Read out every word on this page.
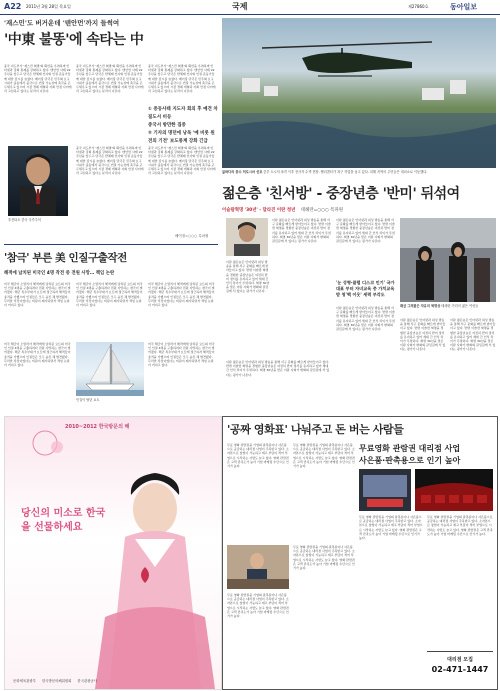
A22 2011년 3월 28일 목요일	국제	제27860호	동아일보
'재스민'도 버거운데 '텐안먼'까지 들썩여
'中東 불똥'에 속타는 中
중국 지도부가 '재스민 혁명'의 확산을 우려하며 인터넷과 집회 통제를 강화하고 있다. 톈안먼 사태 22주년을 앞두고 당국은 반체제 인사와 인권 운동가들에 대한 감시를 늘렸다. 베이징 당국은 민주화 요구 시위가 중동에서 중국으로 번질 가능성에 촉각을 곤두세우고 있으며 시장 경제 개혁과 사회 안정 사이에서 고심하고 있다는 분석이 나온다.
중국 지도부가 '재스민 혁명'의 확산을 우려하며 인터넷과 집회 통제를 강화하고 있다. 톈안먼 사태 22주년을 앞두고 당국은 반체제 인사와 인권 운동가들에 대한 감시를 늘렸다. 베이징 당국은 민주화 요구 시위가 중동에서 중국으로 번질 가능성에 촉각을 곤두세우고 있으며 시장 경제 개혁과 사회 안정 사이에서 고심하고 있다는 분석이 나온다.
중국 지도부가 '재스민 혁명'의 확산을 우려하며 인터넷과 집회 통제를 강화하고 있다. 톈안먼 사태 22주년을 앞두고 당국은 반체제 인사와 인권 운동가들에 대한 감시를 늘렸다. 베이징 당국은 민주화 요구 시위가 중동에서 중국으로 번질 가능성에 촉각을 곤두세우고 있으며 시장 경제 개혁과 사회 안정 사이에서 고심하고 있다는 분석이 나온다.
① 중동사태 지도자 회의 후 예견 차질도서 비등
중국서 방만한 집중
② 기자의 명던에 낭독 '예 비롯 원전의 기전' 보도통계 강화 긴급
후진타오 중국 국가주석
중국 지도부가 '재스민 혁명'의 확산을 우려하며 인터넷과 집회 통제를 강화하고 있다. 톈안먼 사태 22주년을 앞두고 당국은 반체제 인사와 인권 운동가들에 대한 감시를 늘렸다. 베이징 당국은 민주화 요구 시위가 중동에서 중국으로 번질 가능성에 촉각을 곤두세우고 있으며 시장 경제 개혁과 사회 안정 사이에서 고심하고 있다는 분석이 나온다.
중국 지도부가 '재스민 혁명'의 확산을 우려하며 인터넷과 집회 통제를 강화하고 있다. 톈안먼 사태 22주년을 앞두고 당국은 반체제 인사와 인권 운동가들에 대한 감시를 늘렸다. 베이징 당국은 민주화 요구 시위가 중동에서 중국으로 번질 가능성에 촉각을 곤두세우고 있으며 시장 경제 개혁과 사회 안정 사이에서 고심하고 있다는 분석이 나온다.
베이징=○○○ 특파원
'참극' 부른 美 인질구출작전
해적에 납치된 미국인 4명 작전 중 전원 사망… 책임 논란
미국 해군이 소말리아 해적에게 납치된 요트의 미국인 인질 4명을 구출하려다 전원 사망하는 참극이 벌어졌다. 해군 특수부대가 요트에 접근하자 해적들이 총격을 가했으며 인질들은 모두 숨진 채 발견됐다. 무리한 작전이었다는 비판이 제기되면서 책임 논란이 커지고 있다.
미국 해군이 소말리아 해적에게 납치된 요트의 미국인 인질 4명을 구출하려다 전원 사망하는 참극이 벌어졌다. 해군 특수부대가 요트에 접근하자 해적들이 총격을 가했으며 인질들은 모두 숨진 채 발견됐다. 무리한 작전이었다는 비판이 제기되면서 책임 논란이 커지고 있다.
미국 해군이 소말리아 해적에게 납치된 요트의 미국인 인질 4명을 구출하려다 전원 사망하는 참극이 벌어졌다. 해군 특수부대가 요트에 접근하자 해적들이 총격을 가했으며 인질들은 모두 숨진 채 발견됐다. 무리한 작전이었다는 비판이 제기되면서 책임 논란이 커지고 있다.
미국 해군이 소말리아 해적에게 납치된 요트의 미국인 인질 4명을 구출하려다 전원 사망하는 참극이 벌어졌다. 해군 특수부대가 요트에 접근하자 해적들이 총격을 가했으며 인질들은 모두 숨진 채 발견됐다. 무리한 작전이었다는 비판이 제기되면서 책임 논란이 커지고 있다.
인질이 탔던 요트
미국 해군이 소말리아 해적에게 납치된 요트의 미국인 인질 4명을 구출하려다 전원 사망하는 참극이 벌어졌다. 해군 특수부대가 요트에 접근하자 해적들이 총격을 가했으며 인질들은 모두 숨진 채 발견됐다. 무리한 작전이었다는 비판이 제기되면서 책임 논란이 커지고 있다.
불바다의 총수 히로시마 선포 중부 도시의 폭격 이후 전사자 수색 현장. 헬리콥터가 복구 작업을 돕고 있다. 피해 지역의 주민들은 대피소로 이동했다.
젊은층 '친서방' - 중장년층 '반미' 뒤섞여
이슬람혁명 '30년' - 달라진 이란 청년 테헤란=○○○ 특파원
이란 젊은층은 인터넷과 위성 방송을 통해 서구 문화를 빠르게 받아들이고 있다. 반면 이슬람 혁명을 경험한 중장년층은 여전히 반미 정서를 유지하고 있어 세대 간 인식 차이가 뚜렷하다. 혁명 30년을 맞은 이란 사회가 변화의 갈림길에 서 있다는 평가가 나온다.
이란 젊은층은 인터넷과 위성 방송을 통해 서구 문화를 빠르게 받아들이고 있다. 반면 이슬람 혁명을 경험한 중장년층은 여전히 반미 정서를 유지하고 있어 세대 간 인식 차이가 뚜렷하다. 혁명 30년을 맞은 이란 사회가 변화의 갈림길에 서 있다는 평가가 나온다.
이란 젊은층은 인터넷과 위성 방송을 통해 서구 문화를 빠르게 받아들이고 있다. 반면 이슬람 혁명을 경험한 중장년층은 여전히 반미 정서를 유지하고 있어 세대 간 인식 차이가 뚜렷하다. 혁명 30년을 맞은 이란 사회가 변화의 갈림길에 서 있다는 평가가 나온다.
'눈 성형·클럽 디스코 인기' 국가대표 부터 자녀교육 중 가치교육받 청'핵 이웃' 세력 부각도
이란 젊은층은 인터넷과 위성 방송을 통해 서구 문화를 빠르게 받아들이고 있다. 반면 이슬람 혁명을 경험한 중장년층은 여전히 반미 정서를 유지하고 있어 세대 간 인식 차이가 뚜렷하다. 혁명 30년을 맞은 이란 사회가 변화의 갈림길에 서 있다는 평가가 나온다.
패굴 그려봤은 자유의 혁명상 테헤란 거리의 젊은 여성들
이란 젊은층은 인터넷과 위성 방송을 통해 서구 문화를 빠르게 받아들이고 있다. 반면 이슬람 혁명을 경험한 중장년층은 여전히 반미 정서를 유지하고 있어 세대 간 인식 차이가 뚜렷하다. 혁명 30년을 맞은 이란 사회가 변화의 갈림길에 서 있다는 평가가 나온다.
이란 젊은층은 인터넷과 위성 방송을 통해 서구 문화를 빠르게 받아들이고 있다. 반면 이슬람 혁명을 경험한 중장년층은 여전히 반미 정서를 유지하고 있어 세대 간 인식 차이가 뚜렷하다. 혁명 30년을 맞은 이란 사회가 변화의 갈림길에 서 있다는 평가가 나온다.
이란 젊은층은 인터넷과 위성 방송을 통해 서구 문화를 빠르게 받아들이고 있다. 반면 이슬람 혁명을 경험한 중장년층은 여전히 반미 정서를 유지하고 있어 세대 간 인식 차이가 뚜렷하다. 혁명 30년을 맞은 이란 사회가 변화의 갈림길에 서 있다는 평가가 나온다.
2010~2012 한국방문의 해
당신의 미소로 한국을 선물하세요
문화체육관광부 한국방문의해위원회 한국관광공사
'공짜 영화표' 나눠주고 돈 버는 사람들
무료영화 관람권 대리점 사업
사은품·판촉용으로 인기 높아
무료 영화 관람권을 기업의 판촉용이나 사은품으로 공급하는 대리점 사업이 주목받고 있다. 소자본으로 창업이 가능하고 재고 부담이 적어 부업으로 시작하는 사람도 늘고 있다. 영화 관람권은 고객 만족도가 높아 기업 마케팅 수단으로 인기가 높다.
무료 영화 관람권을 기업의 판촉용이나 사은품으로 공급하는 대리점 사업이 주목받고 있다. 소자본으로 창업이 가능하고 재고 부담이 적어 부업으로 시작하는 사람도 늘고 있다. 영화 관람권은 고객 만족도가 높아 기업 마케팅 수단으로 인기가 높다.
무료 영화 관람권을 기업의 판촉용이나 사은품으로 공급하는 대리점 사업이 주목받고 있다. 소자본으로 창업이 가능하고 재고 부담이 적어 부업으로 시작하는 사람도 늘고 있다. 영화 관람권은 고객 만족도가 높아 기업 마케팅 수단으로 인기가 높다.
무료 영화 관람권을 기업의 판촉용이나 사은품으로 공급하는 대리점 사업이 주목받고 있다. 소자본으로 창업이 가능하고 재고 부담이 적어 부업으로 시작하는 사람도 늘고 있다. 영화 관람권은 고객 만족도가 높아 기업 마케팅 수단으로 인기가 높다.
무료 영화 관람권을 기업의 판촉용이나 사은품으로 공급하는 대리점 사업이 주목받고 있다. 소자본으로 창업이 가능하고 재고 부담이 적어 부업으로 시작하는 사람도 늘고 있다. 영화 관람권은 고객 만족도가 높아 기업 마케팅 수단으로 인기가 높다.
무료 영화 관람권을 기업의 판촉용이나 사은품으로 공급하는 대리점 사업이 주목받고 있다. 소자본으로 창업이 가능하고 재고 부담이 적어 부업으로 시작하는 사람도 늘고 있다. 영화 관람권은 고객 만족도가 높아 기업 마케팅 수단으로 인기가 높다.
대리점 모집
02-471-1447
